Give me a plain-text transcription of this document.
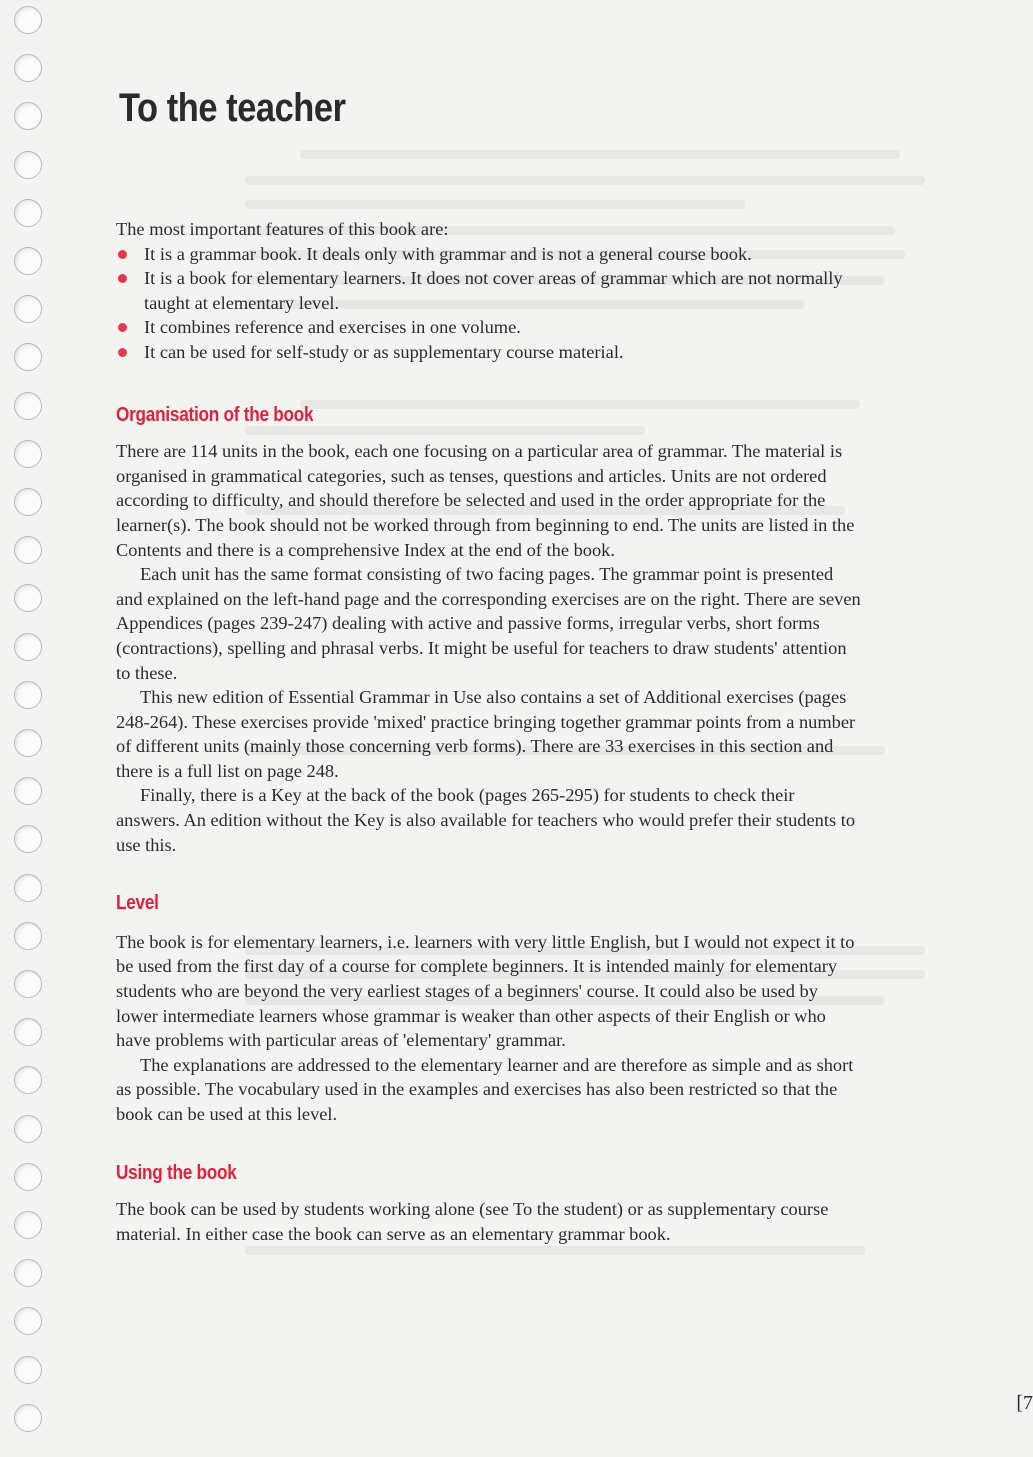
To the teacher

The most important features of this book are:

It is a grammar book. It deals only with grammar and is not a general course book.
It is a book for elementary learners. It does not cover areas of grammar which are not normally taught at elementary level.
It combines reference and exercises in one volume.
It can be used for self-study or as supplementary course material.
Organisation of the book

There are 114 units in the book, each one focusing on a particular area of grammar. The material is organised in grammatical categories, such as tenses, questions and articles. Units are not ordered according to difficulty, and should therefore be selected and used in the order appropriate for the learner(s). The book should not be worked through from beginning to end. The units are listed in the Contents and there is a comprehensive Index at the end of the book.

Each unit has the same format consisting of two facing pages. The grammar point is presented and explained on the left-hand page and the corresponding exercises are on the right. There are seven Appendices (pages 239-247) dealing with active and passive forms, irregular verbs, short forms (contractions), spelling and phrasal verbs. It might be useful for teachers to draw students' attention to these.

This new edition of Essential Grammar in Use also contains a set of Additional exercises (pages 248-264). These exercises provide 'mixed' practice bringing together grammar points from a number of different units (mainly those concerning verb forms). There are 33 exercises in this section and there is a full list on page 248.

Finally, there is a Key at the back of the book (pages 265-295) for students to check their answers. An edition without the Key is also available for teachers who would prefer their students to use this.

Level

The book is for elementary learners, i.e. learners with very little English, but I would not expect it to be used from the first day of a course for complete beginners. It is intended mainly for elementary students who are beyond the very earliest stages of a beginners' course. It could also be used by lower intermediate learners whose grammar is weaker than other aspects of their English or who have problems with particular areas of 'elementary' grammar.

The explanations are addressed to the elementary learner and are therefore as simple and as short as possible. The vocabulary used in the examples and exercises has also been restricted so that the book can be used at this level.

Using the book

The book can be used by students working alone (see To the student) or as supplementary course material. In either case the book can serve as an elementary grammar book.

[7
